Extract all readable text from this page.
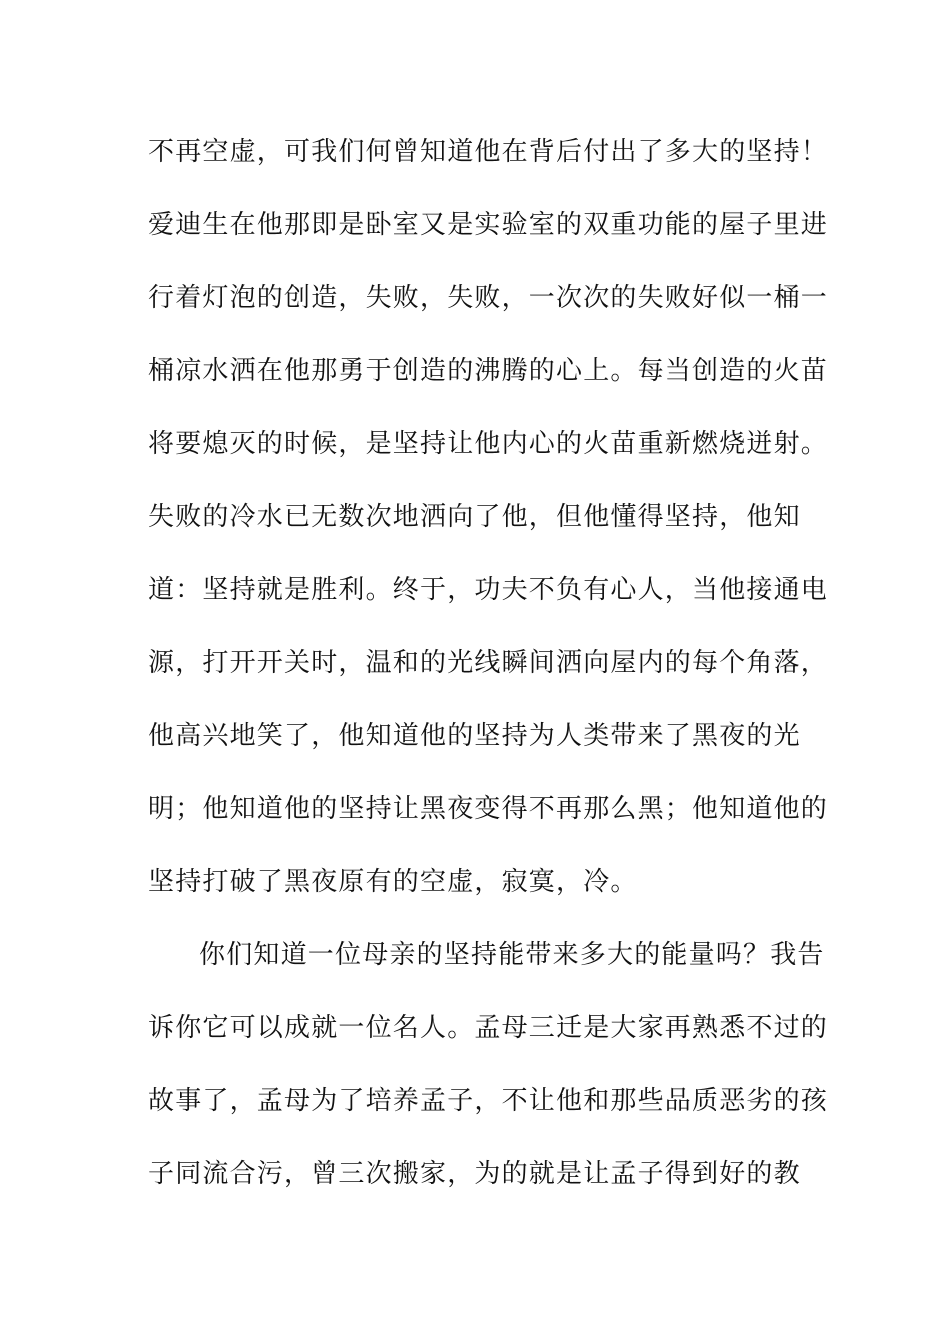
不再空虚，可我们何曾知道他在背后付出了多大的坚持！
爱迪生在他那即是卧室又是实验室的双重功能的屋子里进
行着灯泡的创造，失败，失败，一次次的失败好似一桶一
桶凉水洒在他那勇于创造的沸腾的心上。每当创造的火苗
将要熄灭的时候，是坚持让他内心的火苗重新燃烧迸射。
失败的冷水已无数次地洒向了他，但他懂得坚持，他知
道：坚持就是胜利。终于，功夫不负有心人，当他接通电
源，打开开关时，温和的光线瞬间洒向屋内的每个角落，
他高兴地笑了，他知道他的坚持为人类带来了黑夜的光
明；他知道他的坚持让黑夜变得不再那么黑；他知道他的
坚持打破了黑夜原有的空虚，寂寞，冷。
你们知道一位母亲的坚持能带来多大的能量吗？我告
诉你它可以成就一位名人。孟母三迁是大家再熟悉不过的
故事了，孟母为了培养孟子，不让他和那些品质恶劣的孩
子同流合污，曾三次搬家，为的就是让孟子得到好的教
